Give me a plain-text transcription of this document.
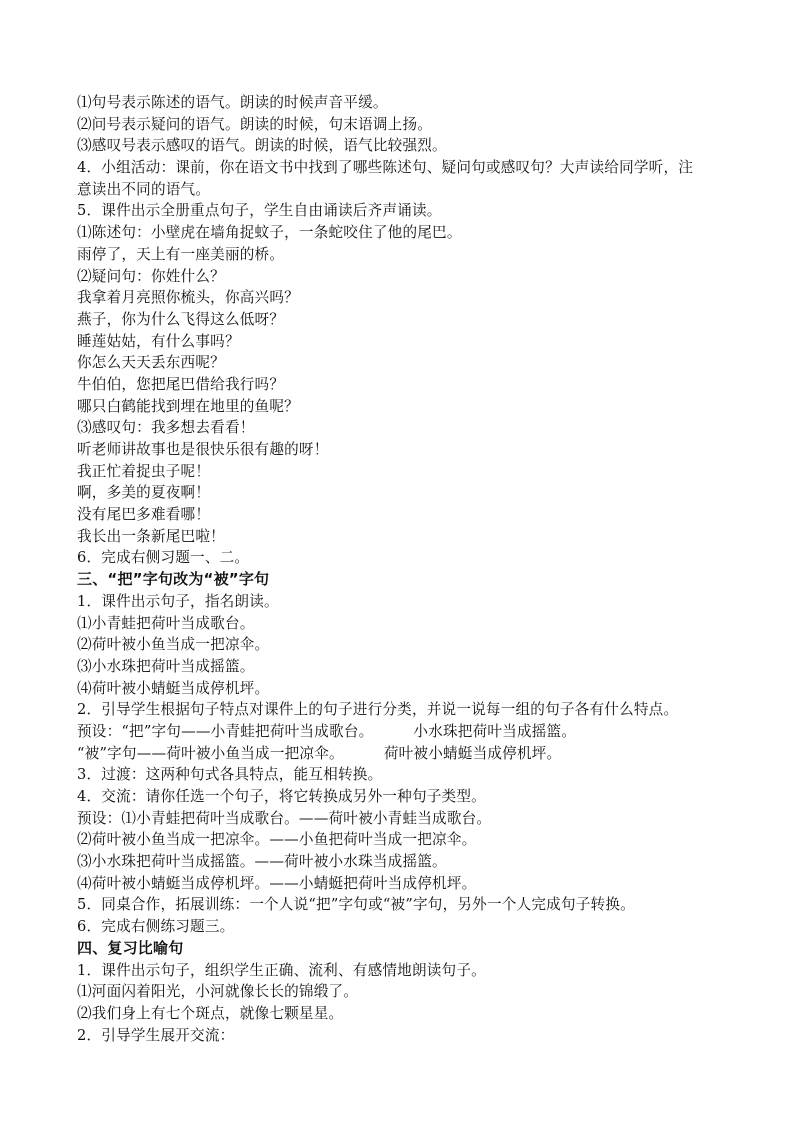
⑴句号表示陈述的语气。朗读的时候声音平缓。
⑵问号表示疑问的语气。朗读的时候，句末语调上扬。
⑶感叹号表示感叹的语气。朗读的时候，语气比较强烈。
4．小组活动：课前，你在语文书中找到了哪些陈述句、疑问句或感叹句？大声读给同学听，注
意读出不同的语气。
5．课件出示全册重点句子，学生自由诵读后齐声诵读。
⑴陈述句：小壁虎在墙角捉蚊子，一条蛇咬住了他的尾巴。
雨停了，天上有一座美丽的桥。
⑵疑问句：你姓什么？
我拿着月亮照你梳头，你高兴吗？
燕子，你为什么飞得这么低呀？
睡莲姑姑，有什么事吗？
你怎么天天丢东西呢？
牛伯伯，您把尾巴借给我行吗？
哪只白鹤能找到埋在地里的鱼呢？
⑶感叹句：我多想去看看！
听老师讲故事也是很快乐很有趣的呀！
我正忙着捉虫子呢！
啊，多美的夏夜啊！
没有尾巴多难看哪！
我长出一条新尾巴啦！
6．完成右侧习题一、二。
三、“把”字句改为“被”字句
1．课件出示句子，指名朗读。
⑴小青蛙把荷叶当成歌台。
⑵荷叶被小鱼当成一把凉伞。
⑶小水珠把荷叶当成摇篮。
⑷荷叶被小蜻蜓当成停机坪。
2．引导学生根据句子特点对课件上的句子进行分类，并说一说每一组的句子各有什么特点。
预设：“把”字句——小青蛙把荷叶当成歌台。	小水珠把荷叶当成摇篮。
“被”字句——荷叶被小鱼当成一把凉伞。	荷叶被小蜻蜓当成停机坪。
3．过渡：这两种句式各具特点，能互相转换。
4．交流：请你任选一个句子，将它转换成另外一种句子类型。
预设：⑴小青蛙把荷叶当成歌台。——荷叶被小青蛙当成歌台。
⑵荷叶被小鱼当成一把凉伞。——小鱼把荷叶当成一把凉伞。
⑶小水珠把荷叶当成摇篮。——荷叶被小水珠当成摇篮。
⑷荷叶被小蜻蜓当成停机坪。——小蜻蜓把荷叶当成停机坪。
5．同桌合作，拓展训练：一个人说“把”字句或“被”字句，另外一个人完成句子转换。
6．完成右侧练习题三。
四、复习比喻句
1．课件出示句子，组织学生正确、流利、有感情地朗读句子。
⑴河面闪着阳光，小河就像长长的锦缎了。
⑵我们身上有七个斑点，就像七颗星星。
2．引导学生展开交流：
